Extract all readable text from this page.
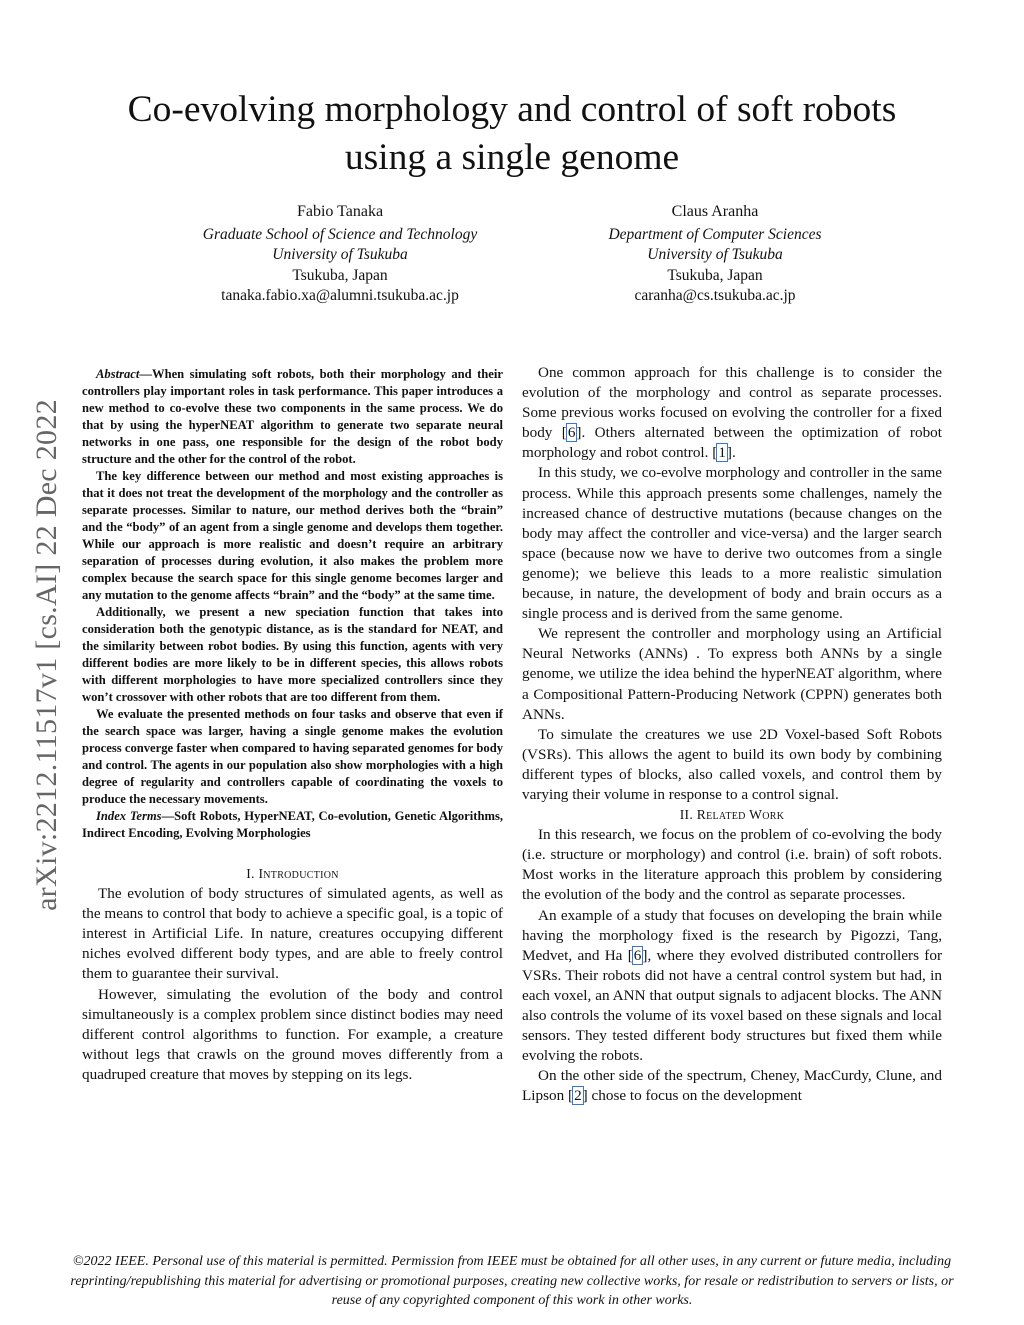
arXiv:2212.11517v1 [cs.AI] 22 Dec 2022
Co-evolving morphology and control of soft robots
using a single genome
Fabio Tanaka
Graduate School of Science and Technology
University of Tsukuba
Tsukuba, Japan
tanaka.fabio.xa@alumni.tsukuba.ac.jp
Claus Aranha
Department of Computer Sciences
University of Tsukuba
Tsukuba, Japan
caranha@cs.tsukuba.ac.jp

Abstract—When simulating soft robots, both their morphology and their controllers play important roles in task performance. This paper introduces a new method to co-evolve these two components in the same process. We do that by using the hyperNEAT algorithm to generate two separate neural networks in one pass, one responsible for the design of the robot body structure and the other for the control of the robot.

The key difference between our method and most existing approaches is that it does not treat the development of the morphology and the controller as separate processes. Similar to nature, our method derives both the “brain” and the “body” of an agent from a single genome and develops them together. While our approach is more realistic and doesn’t require an arbitrary separation of processes during evolution, it also makes the problem more complex because the search space for this single genome becomes larger and any mutation to the genome affects “brain” and the “body” at the same time.

Additionally, we present a new speciation function that takes into consideration both the genotypic distance, as is the standard for NEAT, and the similarity between robot bodies. By using this function, agents with very different bodies are more likely to be in different species, this allows robots with different morphologies to have more specialized controllers since they won’t crossover with other robots that are too different from them.

We evaluate the presented methods on four tasks and observe that even if the search space was larger, having a single genome makes the evolution process converge faster when compared to having separated genomes for body and control. The agents in our population also show morphologies with a high degree of regularity and controllers capable of coordinating the voxels to produce the necessary movements.

Index Terms—Soft Robots, HyperNEAT, Co-evolution, Genetic Algorithms, Indirect Encoding, Evolving Morphologies

I. Introduction

The evolution of body structures of simulated agents, as well as the means to control that body to achieve a specific goal, is a topic of interest in Artificial Life. In nature, creatures occupying different niches evolved different body types, and are able to freely control them to guarantee their survival.

However, simulating the evolution of the body and control simultaneously is a complex problem since distinct bodies may need different control algorithms to function. For example, a creature without legs that crawls on the ground moves differently from a quadruped creature that moves by stepping on its legs.

One common approach for this challenge is to consider the evolution of the morphology and control as separate processes. Some previous works focused on evolving the controller for a fixed body [6]. Others alternated between the optimization of robot morphology and robot control. [1].

In this study, we co-evolve morphology and controller in the same process. While this approach presents some challenges, namely the increased chance of destructive mutations (because changes on the body may affect the controller and vice-versa) and the larger search space (because now we have to derive two outcomes from a single genome); we believe this leads to a more realistic simulation because, in nature, the development of body and brain occurs as a single process and is derived from the same genome.

We represent the controller and morphology using an Artificial Neural Networks (ANNs) . To express both ANNs by a single genome, we utilize the idea behind the hyperNEAT algorithm, where a Compositional Pattern-Producing Network (CPPN) generates both ANNs.

To simulate the creatures we use 2D Voxel-based Soft Robots (VSRs). This allows the agent to build its own body by combining different types of blocks, also called voxels, and control them by varying their volume in response to a control signal.

II. Related Work

In this research, we focus on the problem of co-evolving the body (i.e. structure or morphology) and control (i.e. brain) of soft robots. Most works in the literature approach this problem by considering the evolution of the body and the control as separate processes.

An example of a study that focuses on developing the brain while having the morphology fixed is the research by Pigozzi, Tang, Medvet, and Ha [6], where they evolved distributed controllers for VSRs. Their robots did not have a central control system but had, in each voxel, an ANN that output signals to adjacent blocks. The ANN also controls the volume of its voxel based on these signals and local sensors. They tested different body structures but fixed them while evolving the robots.

On the other side of the spectrum, Cheney, MacCurdy, Clune, and Lipson [2] chose to focus on the development

©2022 IEEE. Personal use of this material is permitted. Permission from IEEE must be obtained for all other uses, in any current or future media, including reprinting/republishing this material for advertising or promotional purposes, creating new collective works, for resale or redistribution to servers or lists, or reuse of any copyrighted component of this work in other works.
